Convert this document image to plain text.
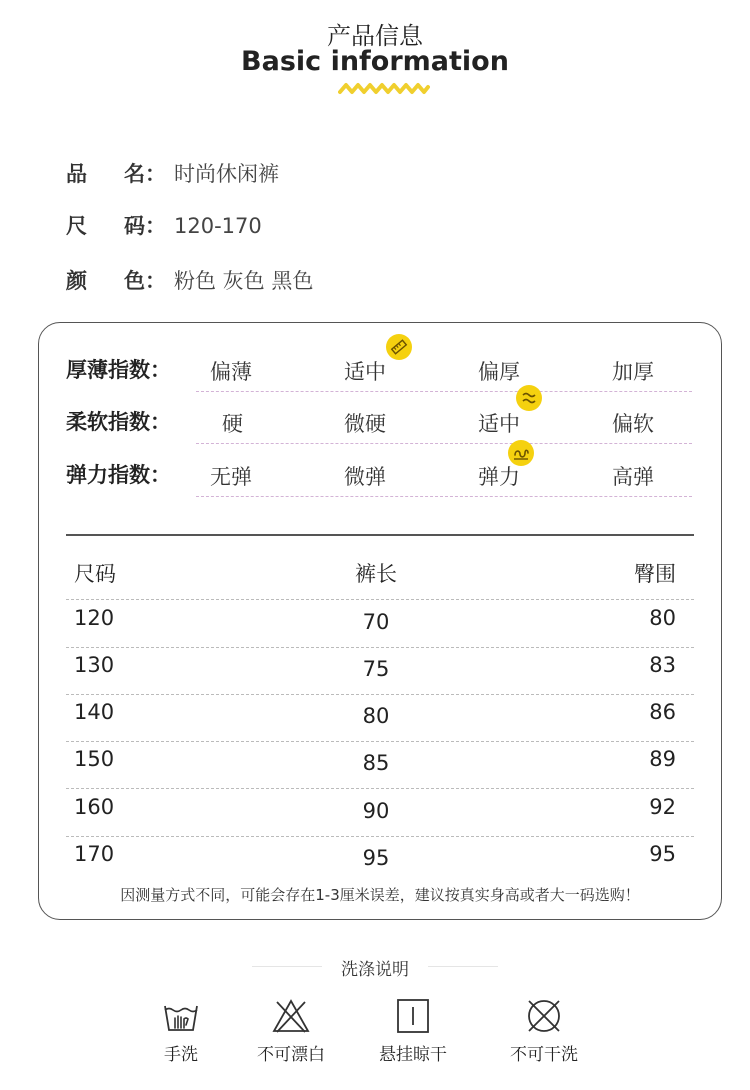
产品信息
Basic information
品 名： 时尚休闲裤
尺 码： 120-170
颜 色： 粉色 灰色 黑色
厚薄指数： 偏薄	适中	偏厚	加厚
柔软指数： 硬	微硬	适中	偏软
弹力指数： 无弹	微弹	弹力	高弹
尺码	裤长	臀围
120	70	80
130	75	83
140	80	86
150	85	89
160	90	92
170	95	95
因测量方式不同，可能会存在1-3厘米误差，建议按真实身高或者大一码选购！
洗涤说明
手洗	不可漂白	悬挂晾干	不可干洗
